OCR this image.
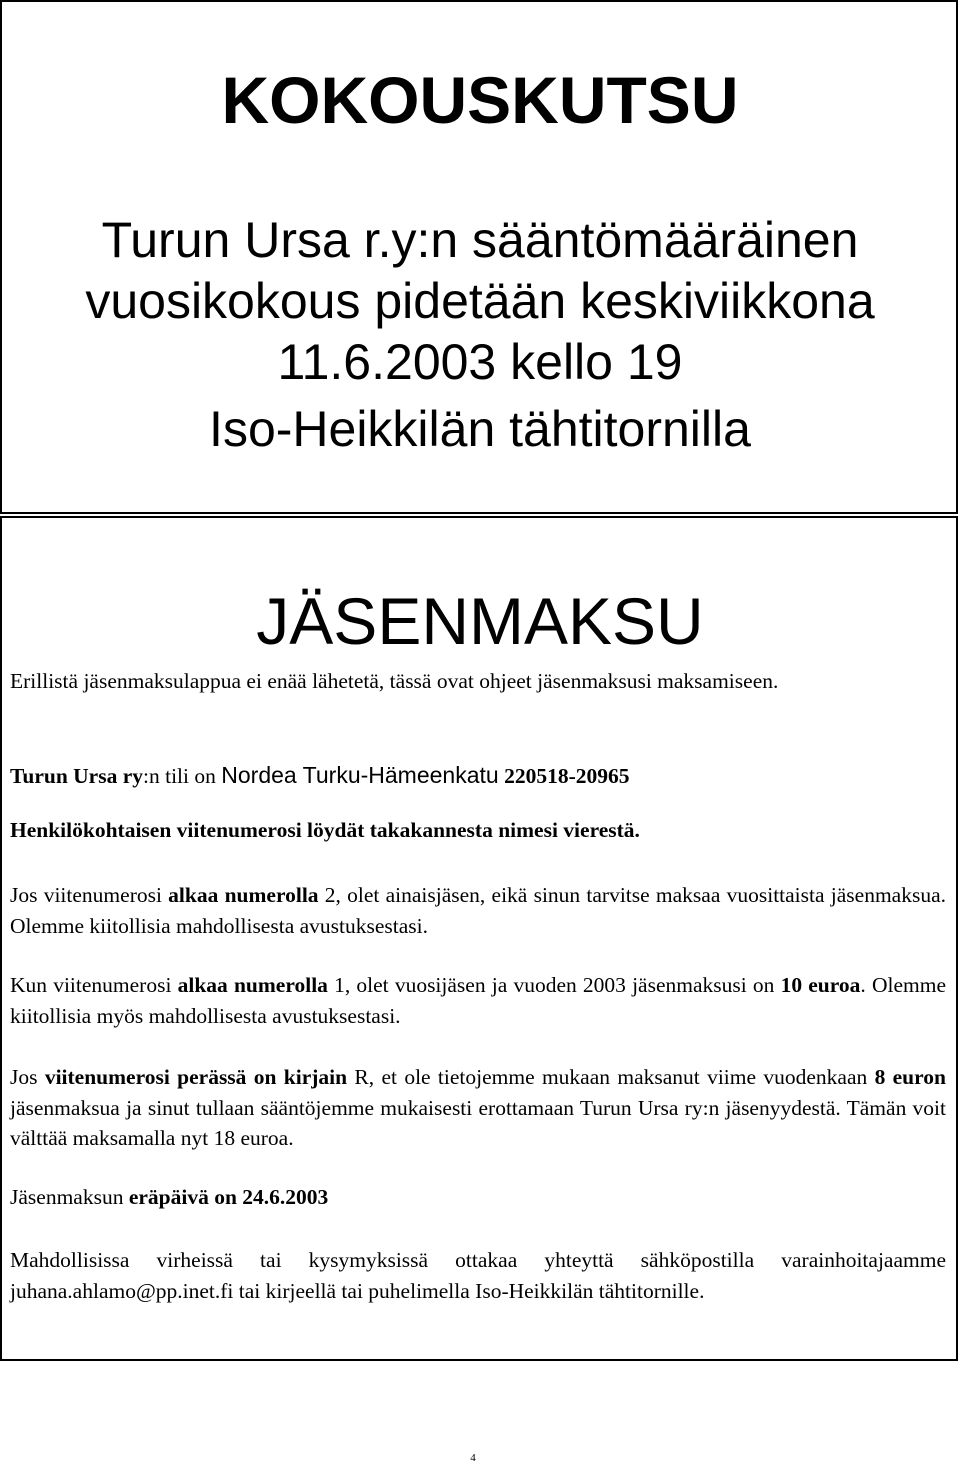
KOKOUSKUTSU
Turun Ursa r.y:n sääntömääräinen
vuosikokous pidetään keskiviikkona
11.6.2003 kello 19
Iso-Heikkilän tähtitornilla
JÄSENMAKSU
Erillistä jäsenmaksulappua ei enää lähetetä, tässä ovat ohjeet jäsenmaksusi maksamiseen.
Turun Ursa ry:n tili on Nordea Turku-Hämeenkatu 220518-20965
Henkilökohtaisen viitenumerosi löydät takakannesta nimesi vierestä.
Jos viitenumerosi alkaa numerolla 2, olet ainaisjäsen, eikä sinun tarvitse maksaa vuosittaista jäsenmaksua. Olemme kiitollisia mahdollisesta avustuksestasi.
Kun viitenumerosi alkaa numerolla 1, olet vuosijäsen ja vuoden 2003 jäsenmaksusi on 10 euroa. Olemme kiitollisia myös mahdollisesta avustuksestasi.
Jos viitenumerosi perässä on kirjain R, et ole tietojemme mukaan maksanut viime vuodenkaan 8 euron jäsenmaksua ja sinut tullaan sääntöjemme mukaisesti erottamaan Turun Ursa ry:n jäsenyydestä. Tämän voit välttää maksamalla nyt 18 euroa.
Jäsenmaksun eräpäivä on 24.6.2003
Mahdollisissa virheissä tai kysymyksissä ottakaa yhteyttä sähköpostilla varainhoitajaamme juhana.ahlamo@pp.inet.fi tai kirjeellä tai puhelimella Iso-Heikkilän tähtitornille.
4
